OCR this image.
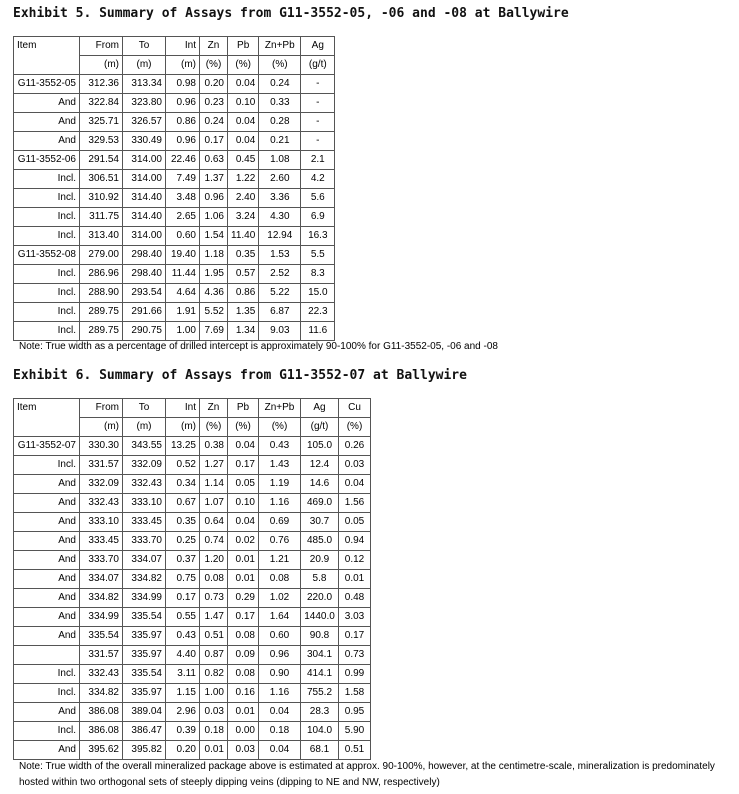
Exhibit 5. Summary of Assays from G11-3552-05, -06 and -08 at Ballywire
Item	From	To	Int	Zn	Pb	Zn+Pb	Ag
	(m)	(m)	(m)	(%)	(%)	(%)	(g/t)
G11-3552-05	312.36	313.34	0.98	0.20	0.04	0.24	-
And	322.84	323.80	0.96	0.23	0.10	0.33	-
And	325.71	326.57	0.86	0.24	0.04	0.28	-
And	329.53	330.49	0.96	0.17	0.04	0.21	-
G11-3552-06	291.54	314.00	22.46	0.63	0.45	1.08	2.1
Incl.	306.51	314.00	7.49	1.37	1.22	2.60	4.2
Incl.	310.92	314.40	3.48	0.96	2.40	3.36	5.6
Incl.	311.75	314.40	2.65	1.06	3.24	4.30	6.9
Incl.	313.40	314.00	0.60	1.54	11.40	12.94	16.3
G11-3552-08	279.00	298.40	19.40	1.18	0.35	1.53	5.5
Incl.	286.96	298.40	11.44	1.95	0.57	2.52	8.3
Incl.	288.90	293.54	4.64	4.36	0.86	5.22	15.0
Incl.	289.75	291.66	1.91	5.52	1.35	6.87	22.3
Incl.	289.75	290.75	1.00	7.69	1.34	9.03	11.6
Note: True width as a percentage of drilled intercept is approximately 90-100% for G11-3552-05, -06 and -08
Exhibit 6. Summary of Assays from G11-3552-07 at Ballywire
Item	From	To	Int	Zn	Pb	Zn+Pb	Ag	Cu
	(m)	(m)	(m)	(%)	(%)	(%)	(g/t)	(%)
G11-3552-07	330.30	343.55	13.25	0.38	0.04	0.43	105.0	0.26
Incl.	331.57	332.09	0.52	1.27	0.17	1.43	12.4	0.03
And	332.09	332.43	0.34	1.14	0.05	1.19	14.6	0.04
And	332.43	333.10	0.67	1.07	0.10	1.16	469.0	1.56
And	333.10	333.45	0.35	0.64	0.04	0.69	30.7	0.05
And	333.45	333.70	0.25	0.74	0.02	0.76	485.0	0.94
And	333.70	334.07	0.37	1.20	0.01	1.21	20.9	0.12
And	334.07	334.82	0.75	0.08	0.01	0.08	5.8	0.01
And	334.82	334.99	0.17	0.73	0.29	1.02	220.0	0.48
And	334.99	335.54	0.55	1.47	0.17	1.64	1440.0	3.03
And	335.54	335.97	0.43	0.51	0.08	0.60	90.8	0.17
	331.57	335.97	4.40	0.87	0.09	0.96	304.1	0.73
Incl.	332.43	335.54	3.11	0.82	0.08	0.90	414.1	0.99
Incl.	334.82	335.97	1.15	1.00	0.16	1.16	755.2	1.58
And	386.08	389.04	2.96	0.03	0.01	0.04	28.3	0.95
Incl.	386.08	386.47	0.39	0.18	0.00	0.18	104.0	5.90
And	395.62	395.82	0.20	0.01	0.03	0.04	68.1	0.51
Note: True width of the overall mineralized package above is estimated at approx. 90-100%, however, at the centimetre-scale, mineralization is predominately hosted within two orthogonal sets of steeply dipping veins (dipping to NE and NW, respectively)
